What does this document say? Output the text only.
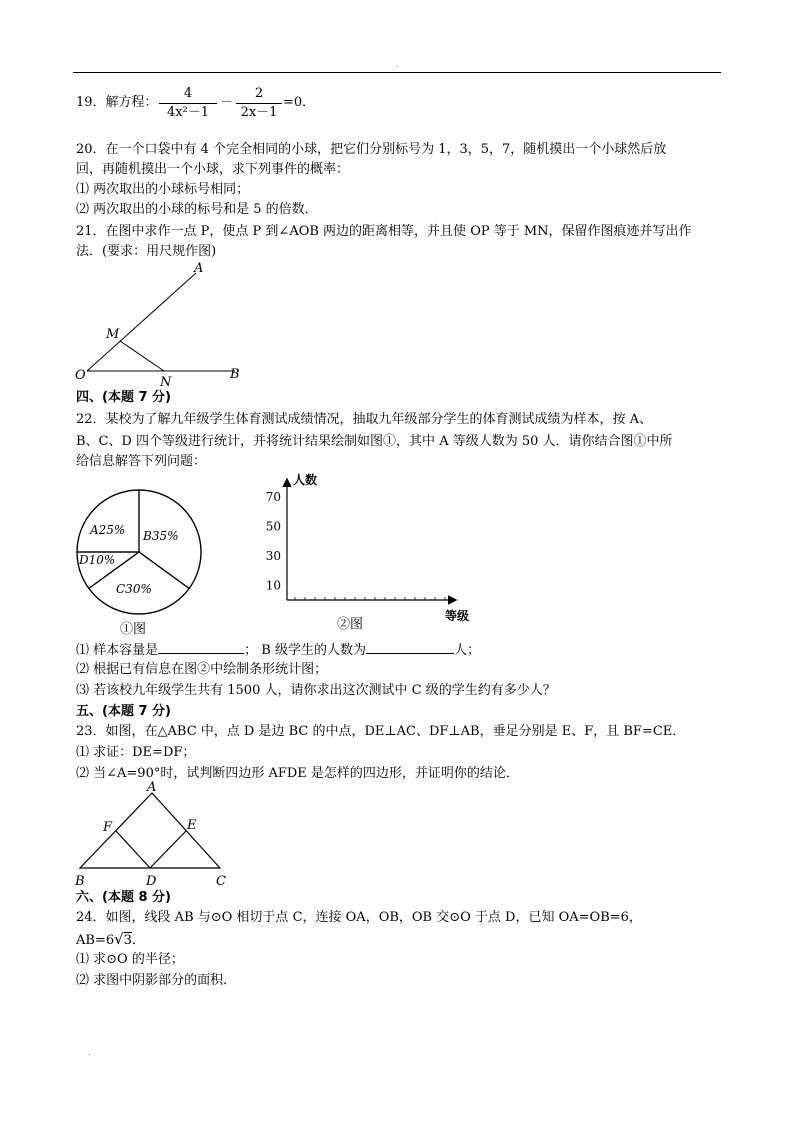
.
19．解方程：
4
4x²－1
－
2
2x－1
=0．
20．在一个口袋中有 4 个完全相同的小球，把它们分别标号为 1，3，5，7，随机摸出一个小球然后放
回，再随机摸出一个小球，求下列事件的概率：
⑴ 两次取出的小球标号相同；
⑵ 两次取出的小球的标号和是 5 的倍数．
21．在图中求作一点 P，使点 P 到∠AOB 两边的距离相等，并且使 OP 等于 MN，保留作图痕迹并写出作
法．(要求：用尺规作图)
A
M
O	N
B
四、(本题 7 分)
22．某校为了解九年级学生体育测试成绩情况，抽取九年级部分学生的体育测试成绩为样本，按 A、
B、C、D 四个等级进行统计，并将统计结果绘制如图①，其中 A 等级人数为 50 人．请你结合图①中所
给信息解答下列问题：
A25% B35%
C30%
D10%
①图
10
30
50
70
人数
等级
②图
⑴ 样本容量是	； B 级学生的人数为	人；
⑵ 根据已有信息在图②中绘制条形统计图；
⑶ 若该校九年级学生共有 1500 人，请你求出这次测试中 C 级的学生约有多少人？
五、(本题 7 分)
23．如图，在△ABC 中，点 D 是边 BC 的中点，DE⊥AC、DF⊥AB，垂足分别是 E、F，且 BF=CE．
⑴ 求证：DE=DF；
⑵ 当∠A=90°时，试判断四边形 AFDE 是怎样的四边形，并证明你的结论．
A
F	E
B	D	C
六、(本题 8 分)
24．如图，线段 AB 与⊙O 相切于点 C，连接 OA，OB，OB 交⊙O 于点 D，已知 OA=OB=6，
AB=6√3．
⑴ 求⊙O 的半径；
⑵ 求图中阴影部分的面积．
.
